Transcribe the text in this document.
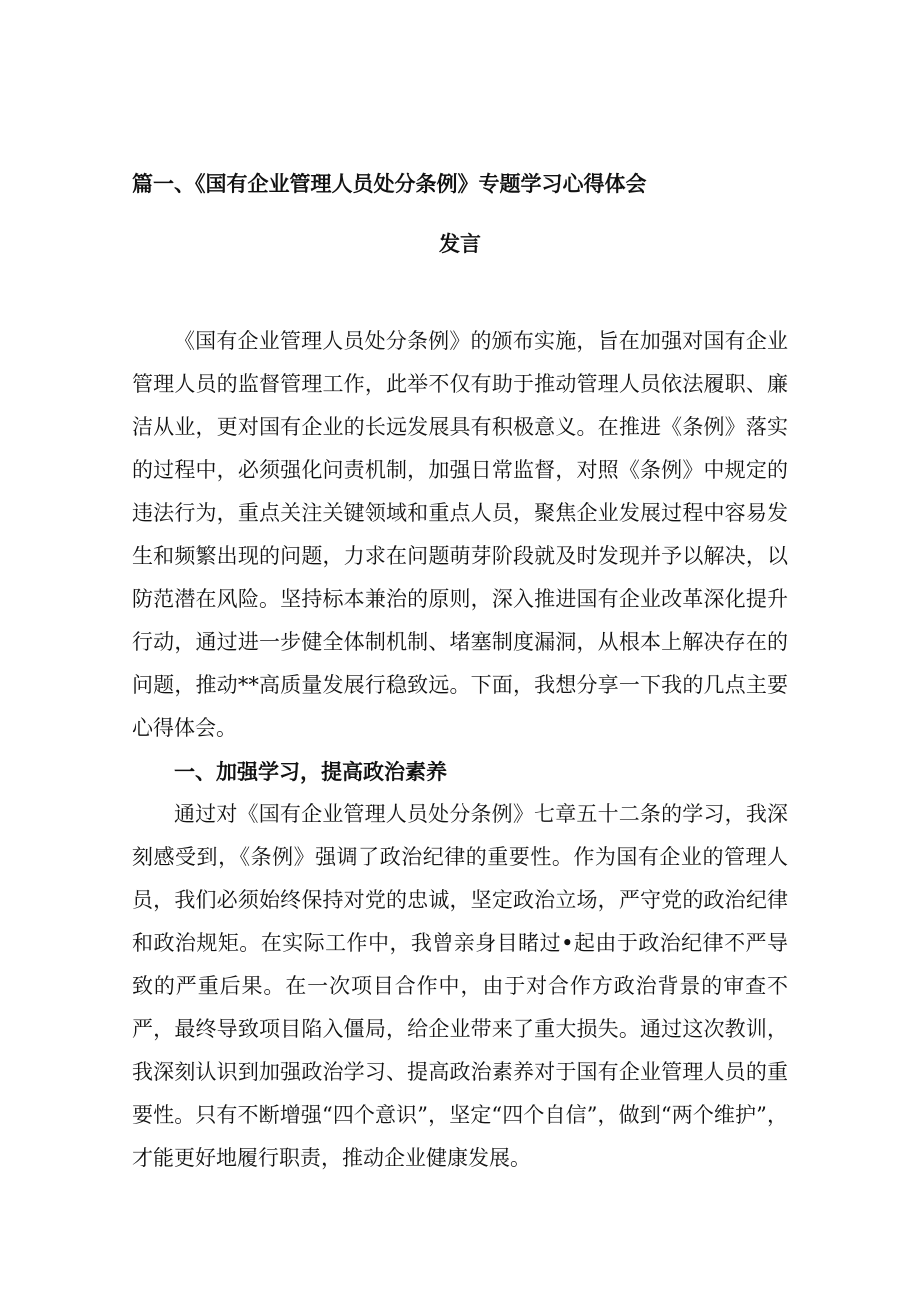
篇一、《国有企业管理人员处分条例》专题学习心得体会
发言

《国有企业管理人员处分条例》的颁布实施，旨在加强对国有企业管理人员的监督管理工作，此举不仅有助于推动管理人员依法履职、廉洁从业，更对国有企业的长远发展具有积极意义。在推进《条例》落实的过程中，必须强化问责机制，加强日常监督，对照《条例》中规定的违法行为，重点关注关键领域和重点人员，聚焦企业发展过程中容易发生和频繁出现的问题，力求在问题萌芽阶段就及时发现并予以解决，以防范潜在风险。坚持标本兼治的原则，深入推进国有企业改革深化提升行动，通过进一步健全体制机制、堵塞制度漏洞，从根本上解决存在的问题，推动**高质量发展行稳致远。下面，我想分享一下我的几点主要心得体会。

一、加强学习，提高政治素养

通过对《国有企业管理人员处分条例》七章五十二条的学习，我深刻感受到，《条例》强调了政治纪律的重要性。作为国有企业的管理人员，我们必须始终保持对党的忠诚，坚定政治立场，严守党的政治纪律和政治规矩。在实际工作中，我曾亲身目睹过•起由于政治纪律不严导致的严重后果。在一次项目合作中，由于对合作方政治背景的审查不严，最终导致项目陷入僵局，给企业带来了重大损失。通过这次教训，我深刻认识到加强政治学习、提高政治素养对于国有企业管理人员的重要性。只有不断增强“四个意识”，坚定“四个自信”，做到“两个维护”，才能更好地履行职责，推动企业健康发展。
